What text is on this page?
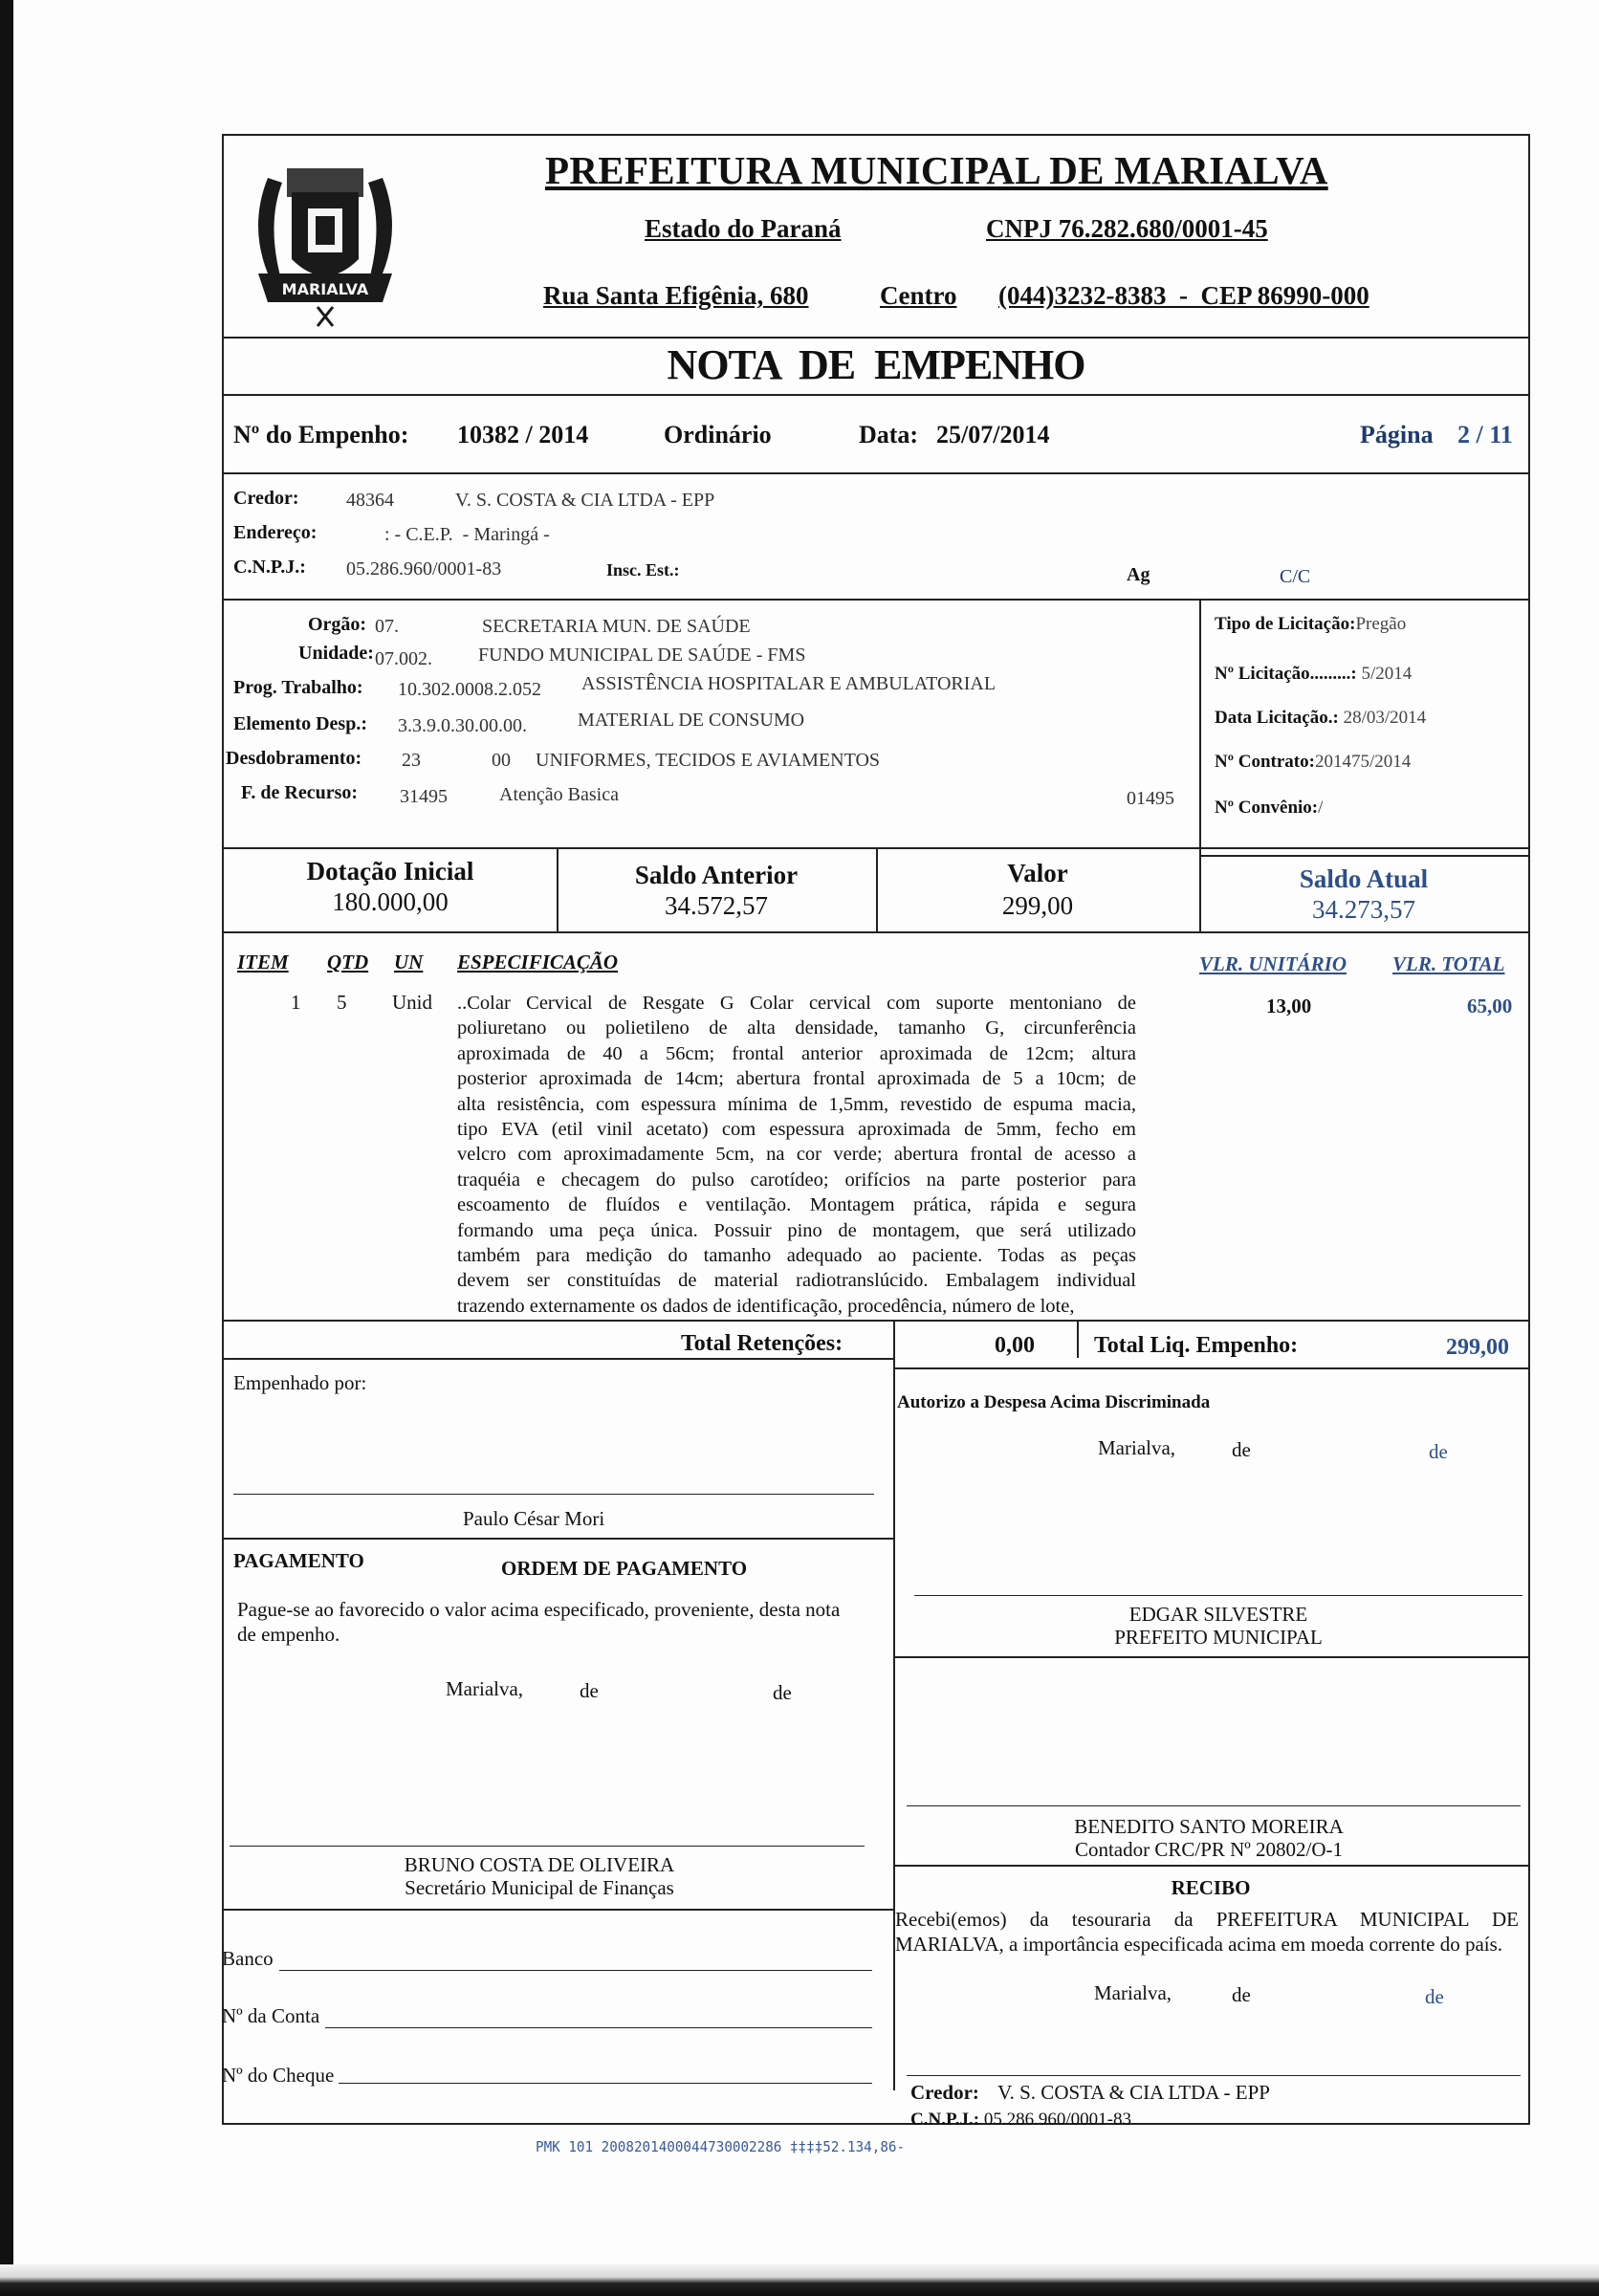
MARIALVA
PREFEITURA MUNICIPAL DE MARIALVA
Estado do Paraná	CNPJ 76.282.680/0001-45
Rua Santa Efigênia, 680	Centro (044)3232-8383  -  CEP 86990-000
NOTA  DE  EMPENHO
Nº do Empenho: 10382 / 2014	Ordinário	Data: 25/07/2014	Página 2 / 11
Credor: 48364	V. S. COSTA & CIA LTDA - EPP
Endereço:	: - C.E.P.  - Maringá -
C.N.P.J.: 05.286.960/0001-83	Insc. Est.:	Ag	C/C
Orgão: 07.	SECRETARIA MUN. DE SAÚDE
Unidade: 07.002. FUNDO MUNICIPAL DE SAÚDE - FMS
Prog. Trabalho: 10.302.0008.2.052 ASSISTÊNCIA HOSPITALAR E AMBULATORIAL
Elemento Desp.: 3.3.9.0.30.00.00.	MATERIAL DE CONSUMO
Desdobramento: 23	00 UNIFORMES, TECIDOS E AVIAMENTOS
F. de Recurso: 31495	Atenção Basica	01495
Tipo de Licitação:Pregão
Nº Licitação.........: 5/2014
Data Licitação.: 28/03/2014
Nº Contrato:201475/2014
Nº Convênio:/
Dotação Inicial
180.000,00
Saldo Anterior
34.572,57
Valor
299,00
Saldo Atual
34.273,57
ITEM QTD UN ESPECIFICAÇÃO	VLR. UNITÁRIO VLR. TOTAL
1 5 Unid ..Colar Cervical de Resgate G Colar cervical com suporte mentoniano de
poliuretano ou polietileno de alta densidade, tamanho G, circunferência
aproximada de 40 a 56cm; frontal anterior aproximada de 12cm; altura
posterior aproximada de 14cm; abertura frontal aproximada de 5 a 10cm; de
alta resistência, com espessura mínima de 1,5mm, revestido de espuma macia,
tipo EVA (etil vinil acetato) com espessura aproximada de 5mm, fecho em
velcro com aproximadamente 5cm, na cor verde; abertura frontal de acesso a
traquéia e checagem do pulso carotídeo; orifícios na parte posterior para
escoamento de fluídos e ventilação. Montagem prática, rápida e segura
formando uma peça única. Possuir pino de montagem, que será utilizado
também para medição do tamanho adequado ao paciente. Todas as peças
devem ser constituídas de material radiotranslúcido. Embalagem individual
trazendo externamente os dados de identificação, procedência, número de lote,
13,00	65,00
Total Retenções:	0,00	Total Liq. Empenho:	299,00
Empenhado por:
Paulo César Mori
PAGAMENTO	ORDEM DE PAGAMENTO
Pague-se ao favorecido o valor acima especificado, proveniente, desta nota de empenho.
Marialva,	de	de
BRUNO COSTA DE OLIVEIRA
Secretário Municipal de Finanças
Banco
Nº da Conta
Nº do Cheque
Autorizo a Despesa Acima Discriminada
Marialva,	de	de
EDGAR SILVESTRE
PREFEITO MUNICIPAL
BENEDITO SANTO MOREIRA
Contador CRC/PR Nº 20802/O-1
RECIBO
Recebi(emos) da tesouraria da PREFEITURA MUNICIPAL DE MARIALVA, a importância especificada acima em moeda corrente do país.
Marialva,	de	de
Credor: V. S. COSTA & CIA LTDA - EPP
C.N.P.J.: 05.286.960/0001-83
PMK 101 2008201400044730002286 ‡‡‡‡52.134,86-
